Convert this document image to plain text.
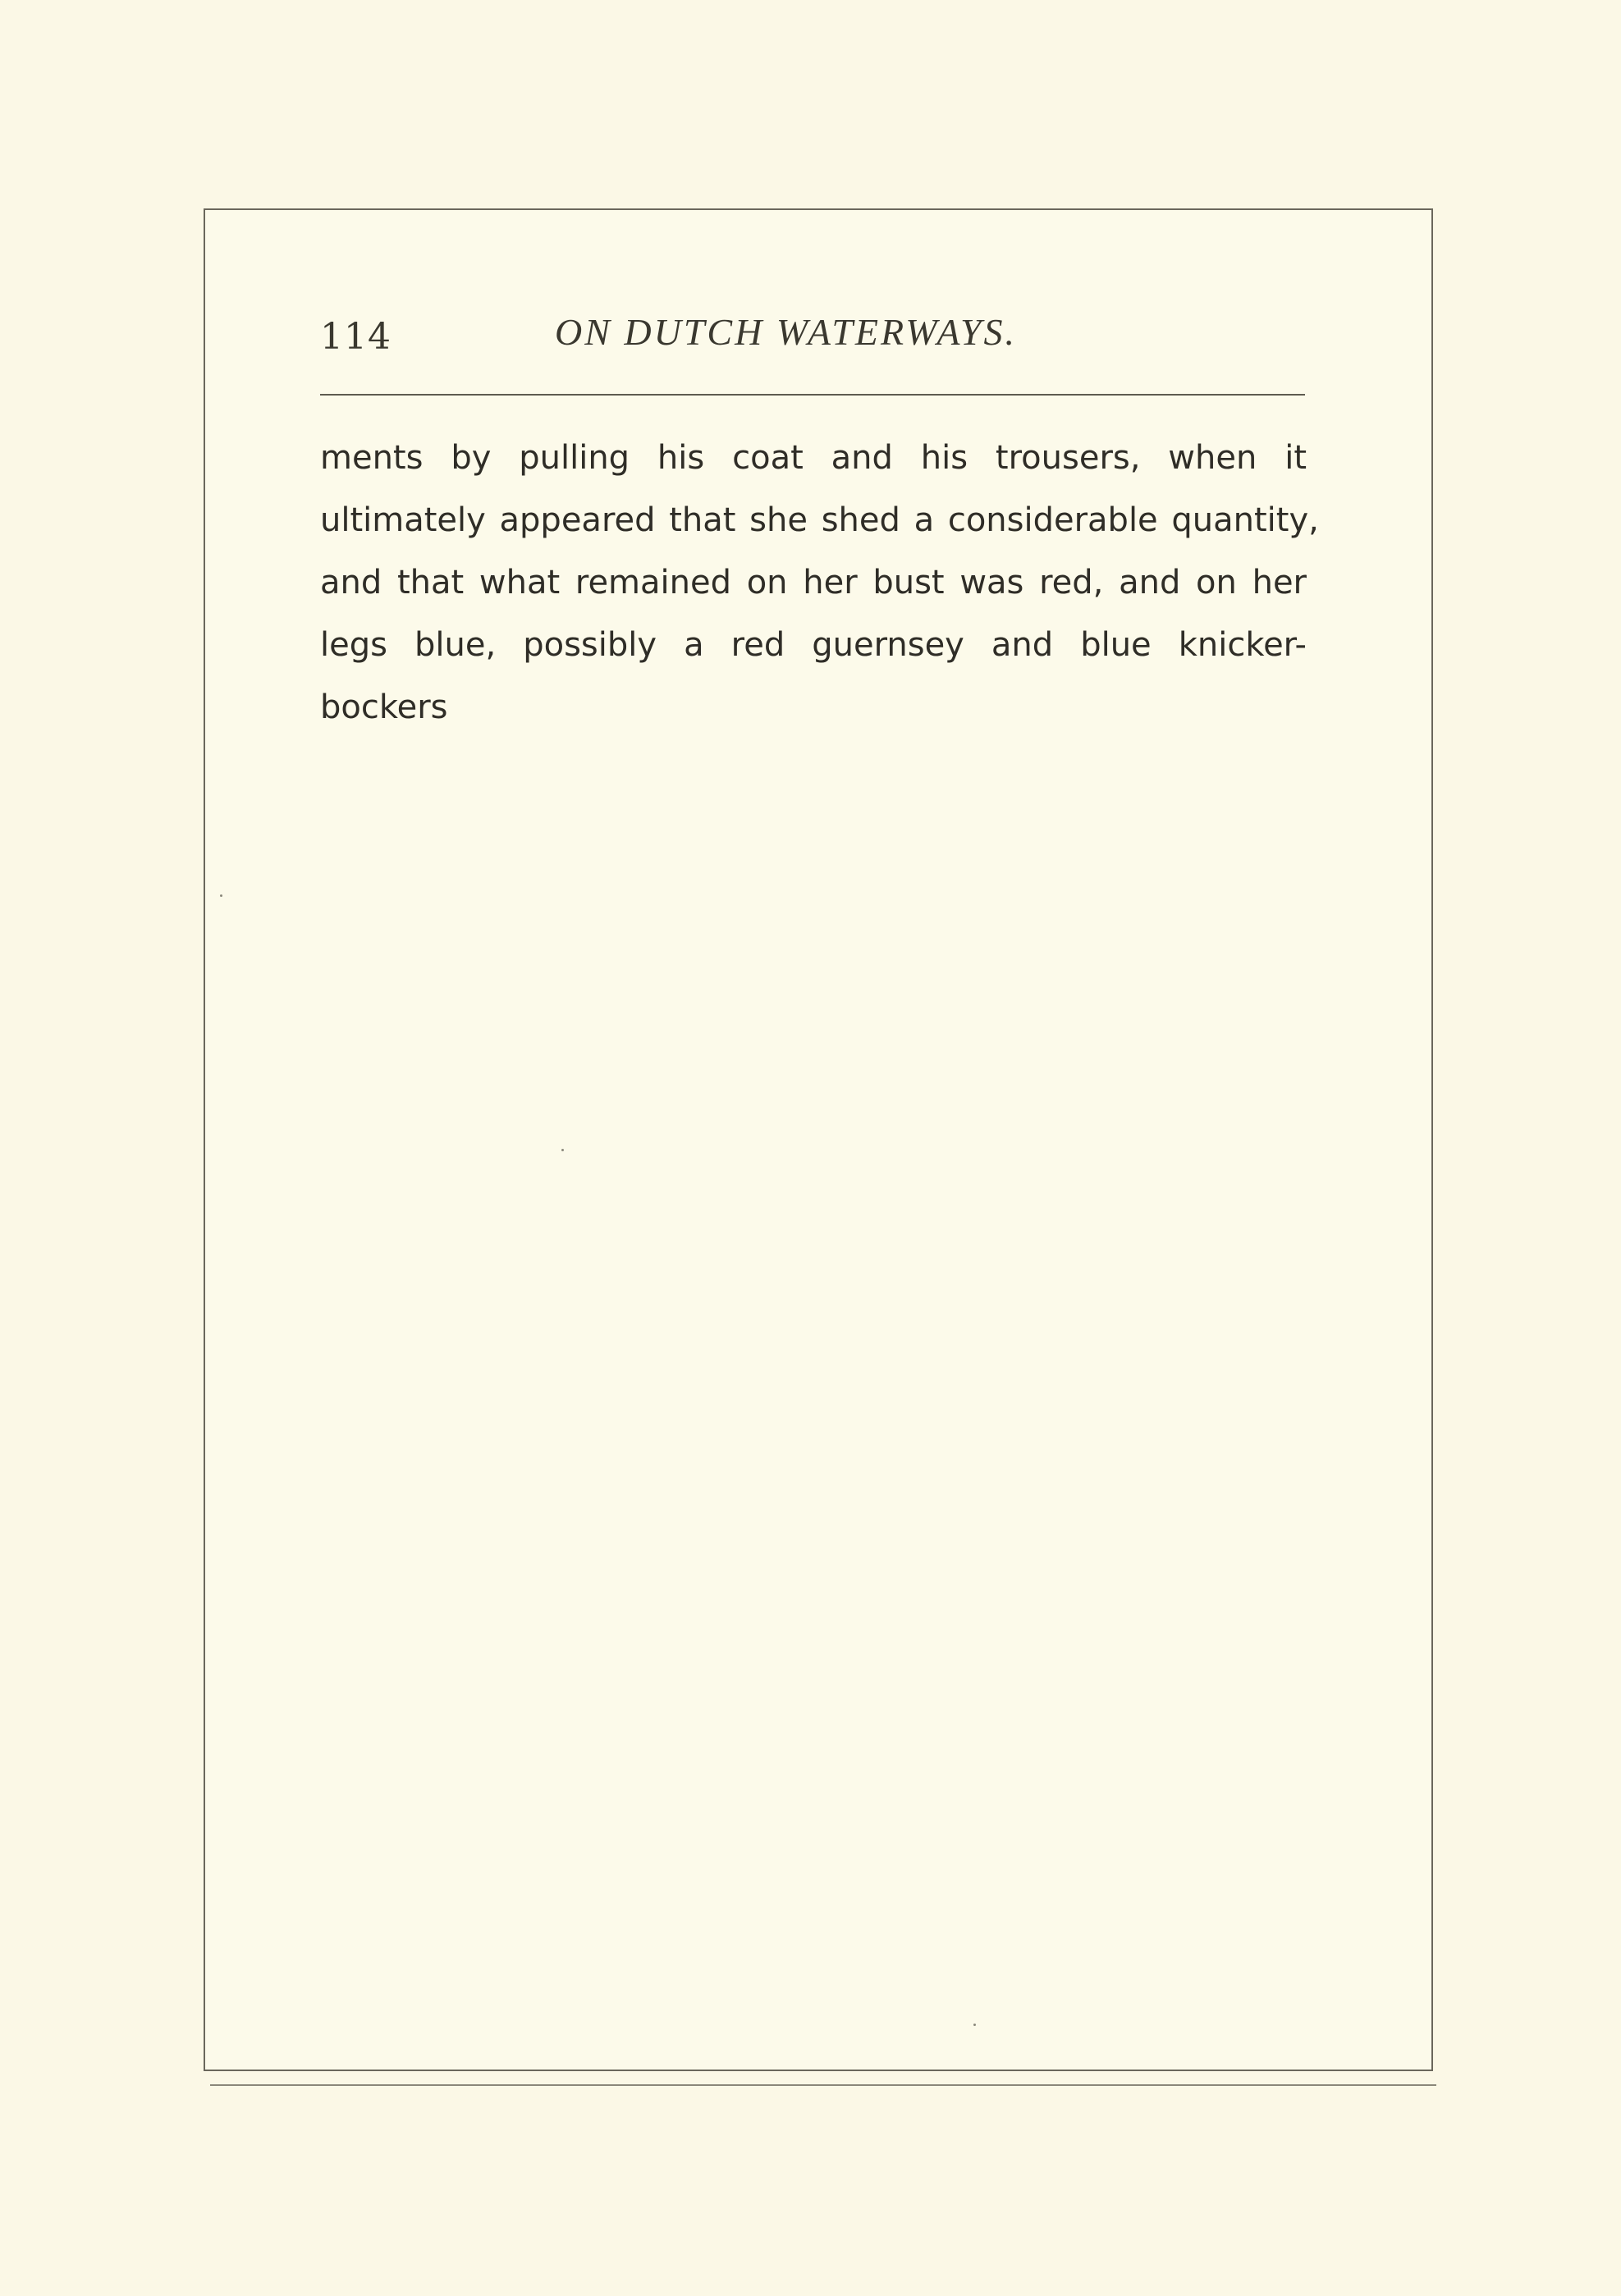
114	ON DUTCH WATERWAYS.
ments by pulling his coat and his trousers, when it
ultimately appeared that she shed a considerable quantity,
and that what remained on her bust was red, and on her
legs blue, possibly a red guernsey and blue knicker-
bockers
